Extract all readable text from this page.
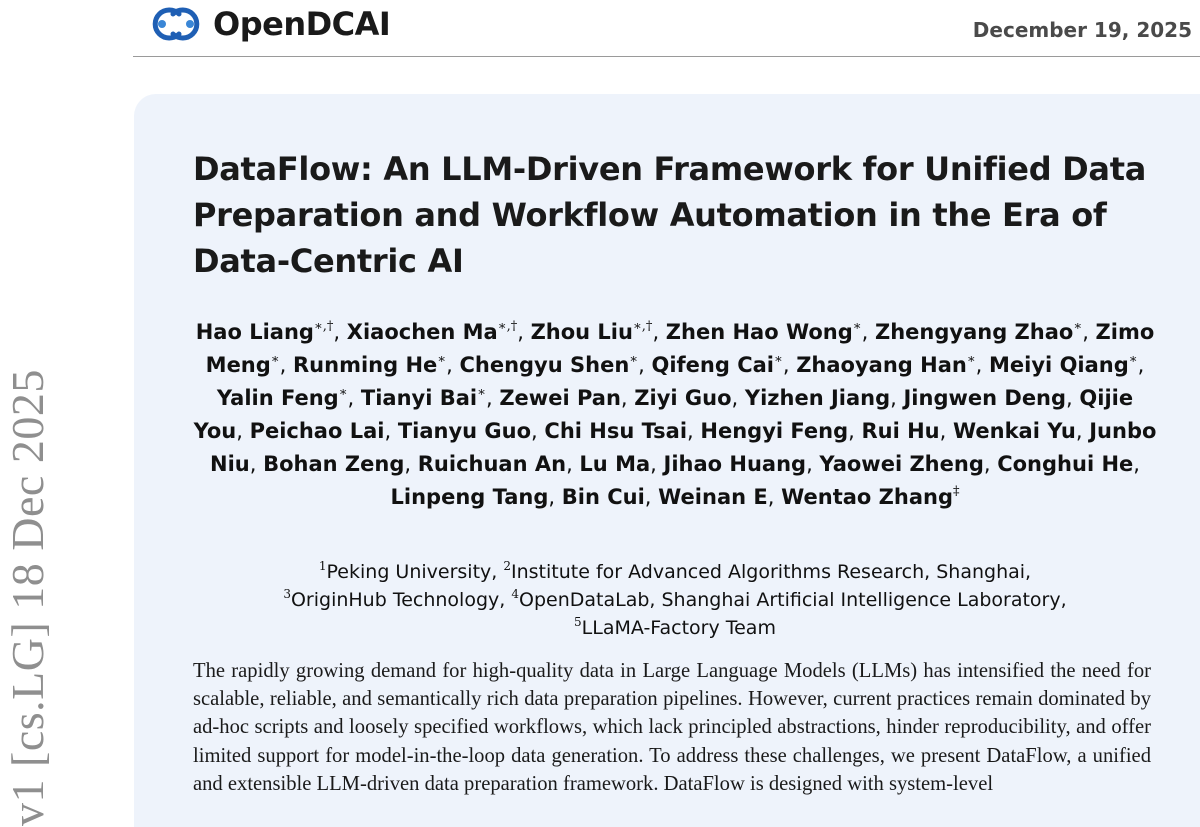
v1 [cs.LG] 18 Dec 2025
OpenDCAI	December 19, 2025
DataFlow: An LLM-Driven Framework for Unified Data Preparation and Workflow Automation in the Era of Data-Centric AI
Hao Liang∗,†, Xiaochen Ma∗,†, Zhou Liu∗,†, Zhen Hao Wong∗, Zhengyang Zhao∗, Zimo Meng∗, Runming He∗, Chengyu Shen∗, Qifeng Cai∗, Zhaoyang Han∗, Meiyi Qiang∗, Yalin Feng∗, Tianyi Bai∗, Zewei Pan, Ziyi Guo, Yizhen Jiang, Jingwen Deng, Qijie You, Peichao Lai, Tianyu Guo, Chi Hsu Tsai, Hengyi Feng, Rui Hu, Wenkai Yu, Junbo Niu, Bohan Zeng, Ruichuan An, Lu Ma, Jihao Huang, Yaowei Zheng, Conghui He, Linpeng Tang, Bin Cui, Weinan E, Wentao Zhang‡
$^1$Peking University, $^2$Institute for Advanced Algorithms Research, Shanghai,
$^3$OriginHub Technology, $^4$OpenDataLab, Shanghai Artificial Intelligence Laboratory,
$^5$LLaMA-Factory Team

The rapidly growing demand for high-quality data in Large Language Models (LLMs) has intensified the need for scalable, reliable, and semantically rich data preparation pipelines. However, current practices remain dominated by ad-hoc scripts and loosely specified workflows, which lack principled abstractions, hinder reproducibility, and offer limited support for model-in-the-loop data generation. To address these challenges, we present DataFlow, a unified and extensible LLM-driven data preparation framework. DataFlow is designed with system-level
